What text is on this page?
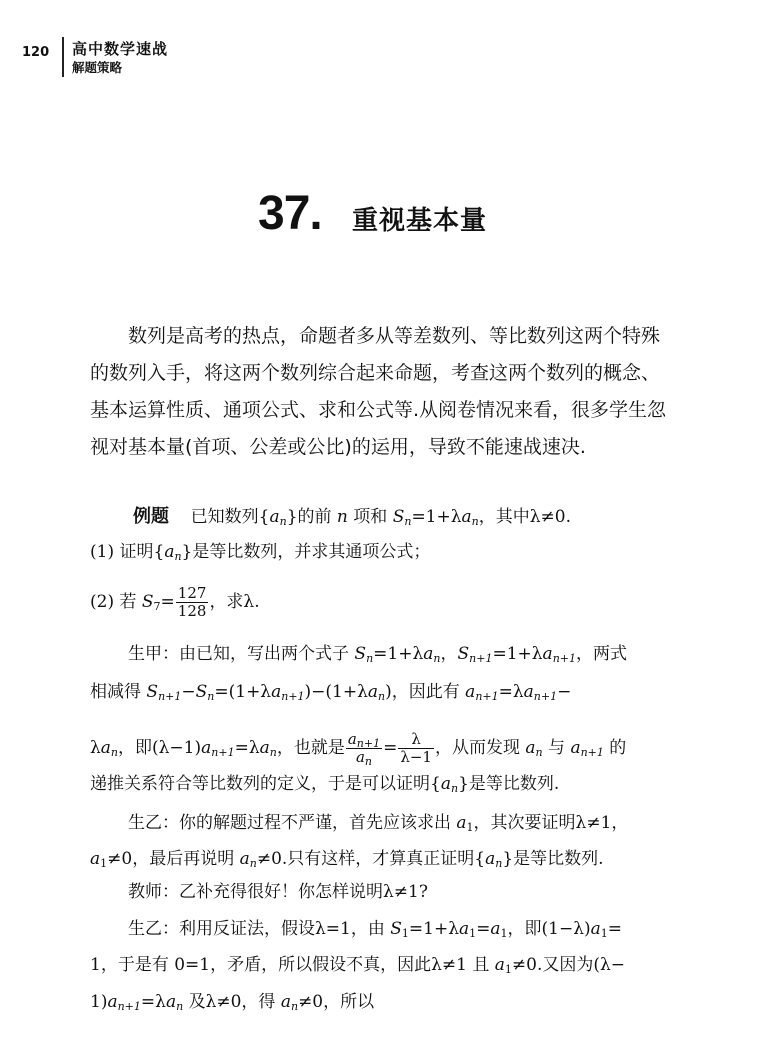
120 高中数学速战
解题策略
37. 重视基本量
数列是高考的热点，命题者多从等差数列、等比数列这两个特殊
的数列入手，将这两个数列综合起来命题，考查这两个数列的概念、
基本运算性质、通项公式、求和公式等.从阅卷情况来看，很多学生忽
视对基本量(首项、公差或公比)的运用，导致不能速战速决.
例题 已知数列$\{a_n\}$的前 n 项和 $S_n=1+\lambda a_n$，其中λ≠0.
(1) 证明$\{a_n\}$是等比数列，并求其通项公式；
(2) 若 $S_7= \frac{127}{128}$ ，求λ.
生甲：由已知，写出两个式子 $S_n=1+\lambda a_n$，$S_{n+1}=1+\lambda a_{n+1}$，两式
相减得 $S_{n+1}-S_n=(1+\lambda a_{n+1})-(1+\lambda a_n)$，因此有 $a_{n+1}=\lambda a_{n+1}-$
$\lambda a_n$，即$(\lambda-1)a_{n+1}=\lambda a_n$，也就是 $\frac{a_{n+1}}{a_n} = \frac{\lambda}{\lambda-1}$ ，从而发现 $a_n$ 与 $a_{n+1}$ 的
递推关系符合等比数列的定义，于是可以证明$\{a_n\}$是等比数列.
生乙：你的解题过程不严谨，首先应该求出 $a_1$，其次要证明λ≠1，
$a_1\ne 0$，最后再说明 $a_n\ne 0$.只有这样，才算真正证明$\{a_n\}$是等比数列.
教师：乙补充得很好！你怎样说明λ≠1?
生乙：利用反证法，假设λ=1，由 $S_1=1+\lambda a_1=a_1$，即$(1-\lambda)a_1=$
1，于是有 0=1，矛盾，所以假设不真，因此λ≠1 且 $a_1\ne 0$.又因为(λ−
$1)a_{n+1}=\lambda a_n$ 及λ≠0，得 $a_n\ne 0$，所以
